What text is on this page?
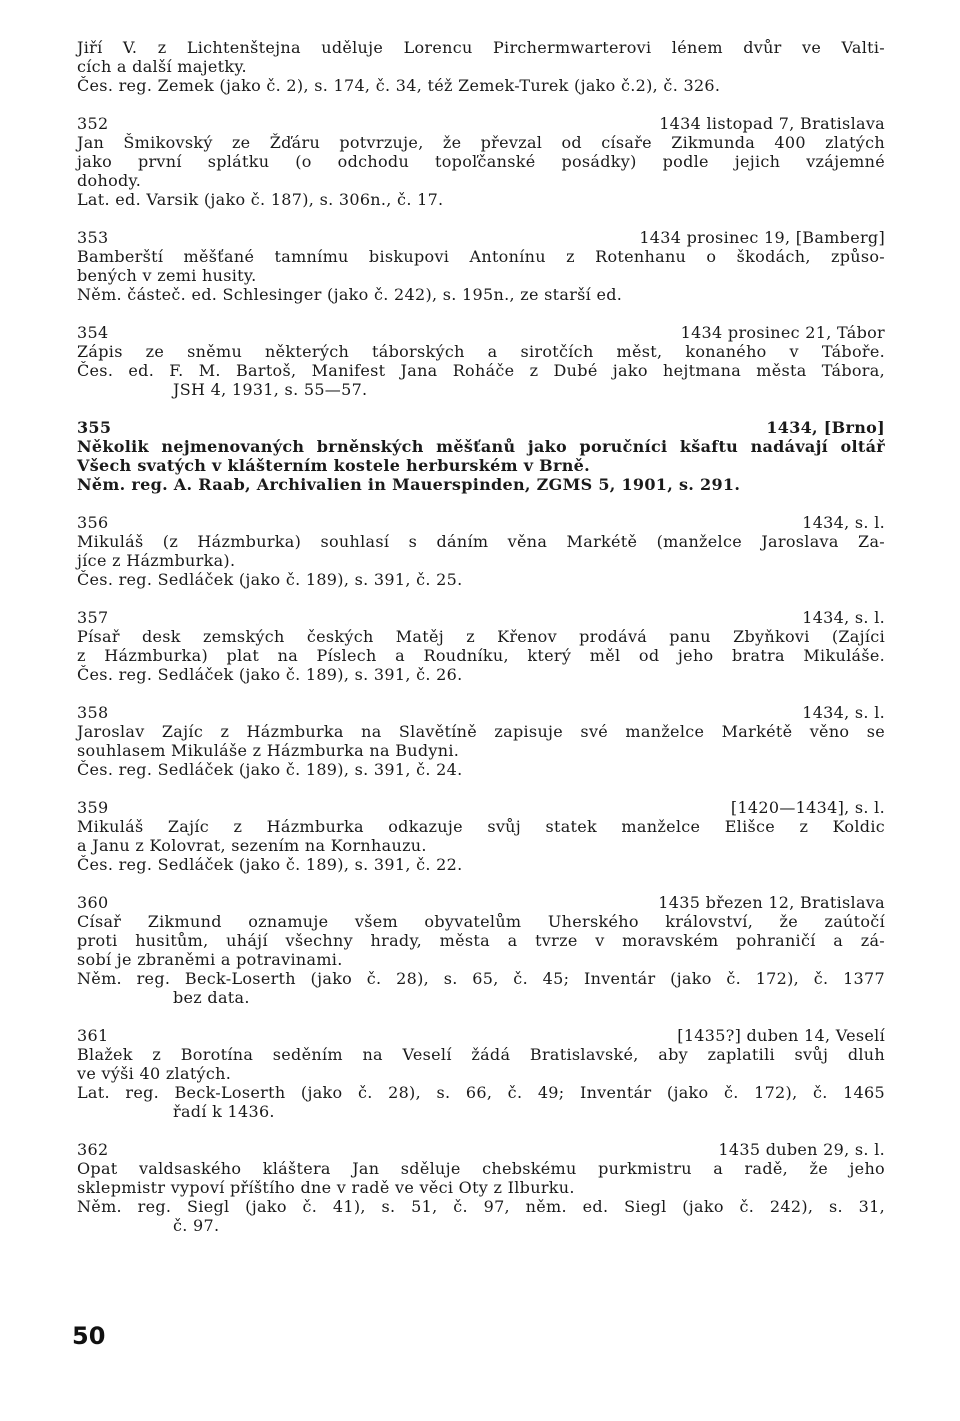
Jiří V. z Lichtenštejna uděluje Lorencu Pirchermwarterovi lénem dvůr ve Valti-
cích a další majetky.
Čes. reg. Zemek (jako č. 2), s. 174, č. 34, též Zemek-Turek (jako č.2), č. 326.
352	1434 listopad 7, Bratislava
Jan Šmikovský ze Žďáru potvrzuje, že převzal od císaře Zikmunda 400 zlatých
jako první splátku (o odchodu topoľčanské posádky) podle jejich vzájemné
dohody.
Lat. ed. Varsik (jako č. 187), s. 306n., č. 17.
353	1434 prosinec 19, [Bamberg]
Bamberští měšťané tamnímu biskupovi Antonínu z Rotenhanu o škodách, způso-
bených v zemi husity.
Něm. částeč. ed. Schlesinger (jako č. 242), s. 195n., ze starší ed.
354	1434 prosinec 21, Tábor
Zápis ze sněmu některých táborských a sirotčích měst, konaného v Táboře.
Čes. ed. F. M. Bartoš, Manifest Jana Roháče z Dubé jako hejtmana města Tábora,
JSH 4, 1931, s. 55—57.
355	1434, [Brno]
Několik nejmenovaných brněnských měšťanů jako poručníci kšaftu nadávají oltář
Všech svatých v klášterním kostele herburském v Brně.
Něm. reg. A. Raab, Archivalien in Mauerspinden, ZGMS 5, 1901, s. 291.
356	1434, s. l.
Mikuláš (z Házmburka) souhlasí s dáním věna Markétě (manželce Jaroslava Za-
jíce z Házmburka).
Čes. reg. Sedláček (jako č. 189), s. 391, č. 25.
357	1434, s. l.
Písař desk zemských českých Matěj z Křenov prodává panu Zbyňkovi (Zajíci
z Házmburka) plat na Píslech a Roudníku, který měl od jeho bratra Mikuláše.
Čes. reg. Sedláček (jako č. 189), s. 391, č. 26.
358	1434, s. l.
Jaroslav Zajíc z Házmburka na Slavětíně zapisuje své manželce Markétě věno se
souhlasem Mikuláše z Házmburka na Budyni.
Čes. reg. Sedláček (jako č. 189), s. 391, č. 24.
359	[1420—1434], s. l.
Mikuláš Zajíc z Házmburka odkazuje svůj statek manželce Elišce z Koldic
a Janu z Kolovrat, sezením na Kornhauzu.
Čes. reg. Sedláček (jako č. 189), s. 391, č. 22.
360	1435 březen 12, Bratislava
Císař Zikmund oznamuje všem obyvatelům Uherského království, že zaútočí
proti husitům, uhájí všechny hrady, města a tvrze v moravském pohraničí a zá-
sobí je zbraněmi a potravinami.
Něm. reg. Beck-Loserth (jako č. 28), s. 65, č. 45; Inventár (jako č. 172), č. 1377
bez data.
361	[1435?] duben 14, Veselí
Blažek z Borotína seděním na Veselí žádá Bratislavské, aby zaplatili svůj dluh
ve výši 40 zlatých.
Lat. reg. Beck-Loserth (jako č. 28), s. 66, č. 49; Inventár (jako č. 172), č. 1465
řadí k 1436.
362	1435 duben 29, s. l.
Opat valdsaského kláštera Jan sděluje chebskému purkmistru a radě, že jeho
sklepmistr vypoví příštího dne v radě ve věci Oty z Ilburku.
Něm. reg. Siegl (jako č. 41), s. 51, č. 97, něm. ed. Siegl (jako č. 242), s. 31,
č. 97.
50
